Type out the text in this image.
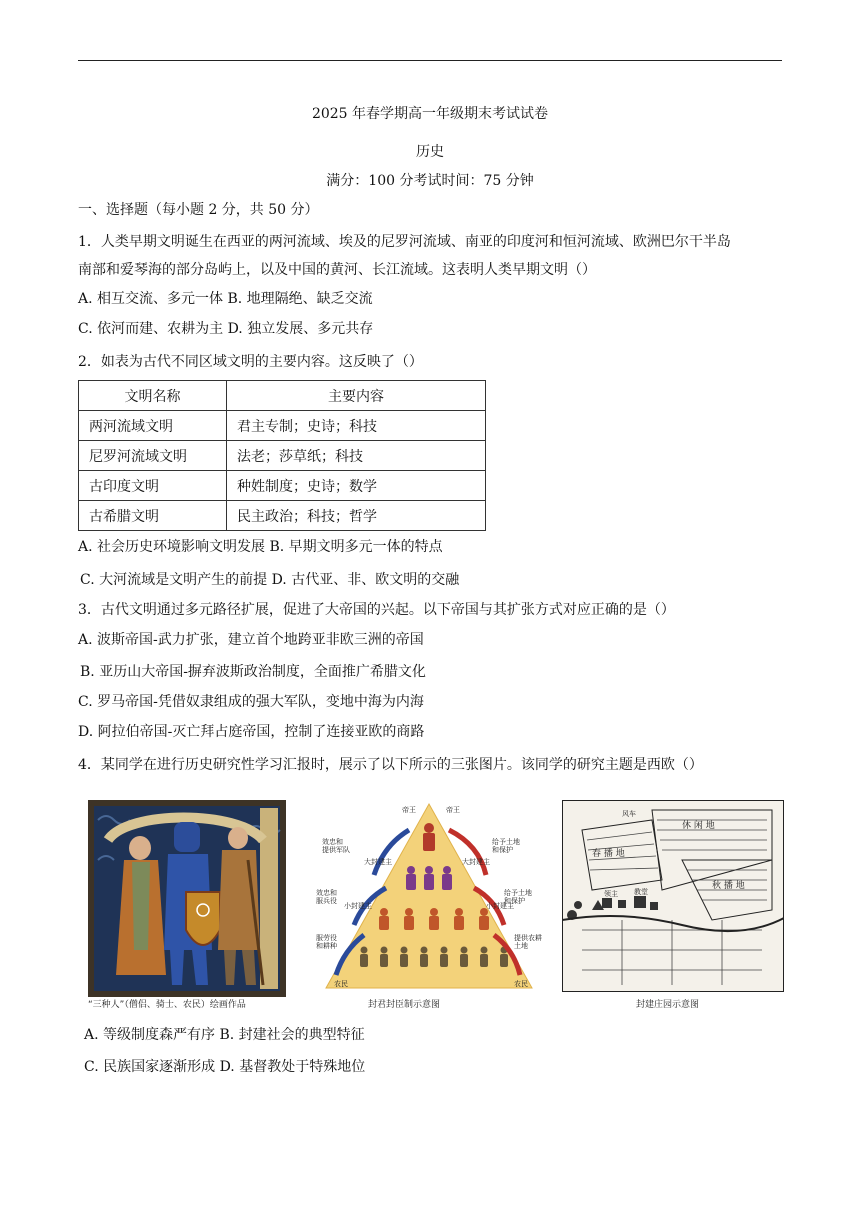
2025 年春学期高一年级期末考试试卷
历史
满分：100 分考试时间：75 分钟
一、选择题（每小题 2 分，共 50 分）
1．人类早期文明诞生在西亚的两河流域、埃及的尼罗河流域、南亚的印度河和恒河流域、欧洲巴尔干半岛
南部和爱琴海的部分岛屿上，以及中国的黄河、长江流域。这表明人类早期文明（）
A. 相互交流、多元一体 B. 地理隔绝、缺乏交流
C. 依河而建、农耕为主 D. 独立发展、多元共存
2．如表为古代不同区域文明的主要内容。这反映了（）
文明名称	主要内容
两河流域文明	君主专制；史诗；科技
尼罗河流域文明	法老；莎草纸；科技
古印度文明	种姓制度；史诗；数学
古希腊文明	民主政治；科技；哲学
A. 社会历史环境影响文明发展 B. 早期文明多元一体的特点
C. 大河流域是文明产生的前提 D. 古代亚、非、欧文明的交融
3．古代文明通过多元路径扩展，促进了大帝国的兴起。以下帝国与其扩张方式对应正确的是（）
A. 波斯帝国-武力扩张，建立首个地跨亚非欧三洲的帝国
B. 亚历山大帝国-摒弃波斯政治制度，全面推广希腊文化
C. 罗马帝国-凭借奴隶组成的强大军队，变地中海为内海
D. 阿拉伯帝国-灭亡拜占庭帝国，控制了连接亚欧的商路
4．某同学在进行历史研究性学习汇报时，展示了以下所示的三张图片。该同学的研究主题是西欧（）
“三种人”（僧侣、骑士、农民）绘画作品
帝王	帝王
效忠和提供军队
给予土地和保护
大封建主	大封建主
效忠和服兵役
给予土地和保护
小封建主	小封建主
服劳役和耕种
提供农耕土地
农民	农民
封君封臣制示意图
休 闲 地
秋 播 地
春 播 地
领主 教堂
风车
封建庄园示意图
A. 等级制度森严有序 B. 封建社会的典型特征
C. 民族国家逐渐形成 D. 基督教处于特殊地位
